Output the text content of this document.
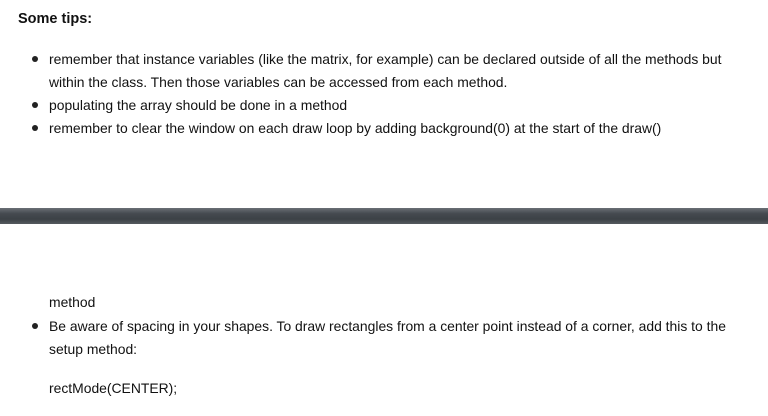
Some tips:
remember that instance variables (like the matrix, for example) can be declared outside of all the methods but within the class. Then those variables can be accessed from each method.
populating the array should be done in a method
remember to clear the window on each draw loop by adding background(0) at the start of the draw()

method

Be aware of spacing in your shapes. To draw rectangles from a center point instead of a corner, add this to the setup method:

rectMode(CENTER);
